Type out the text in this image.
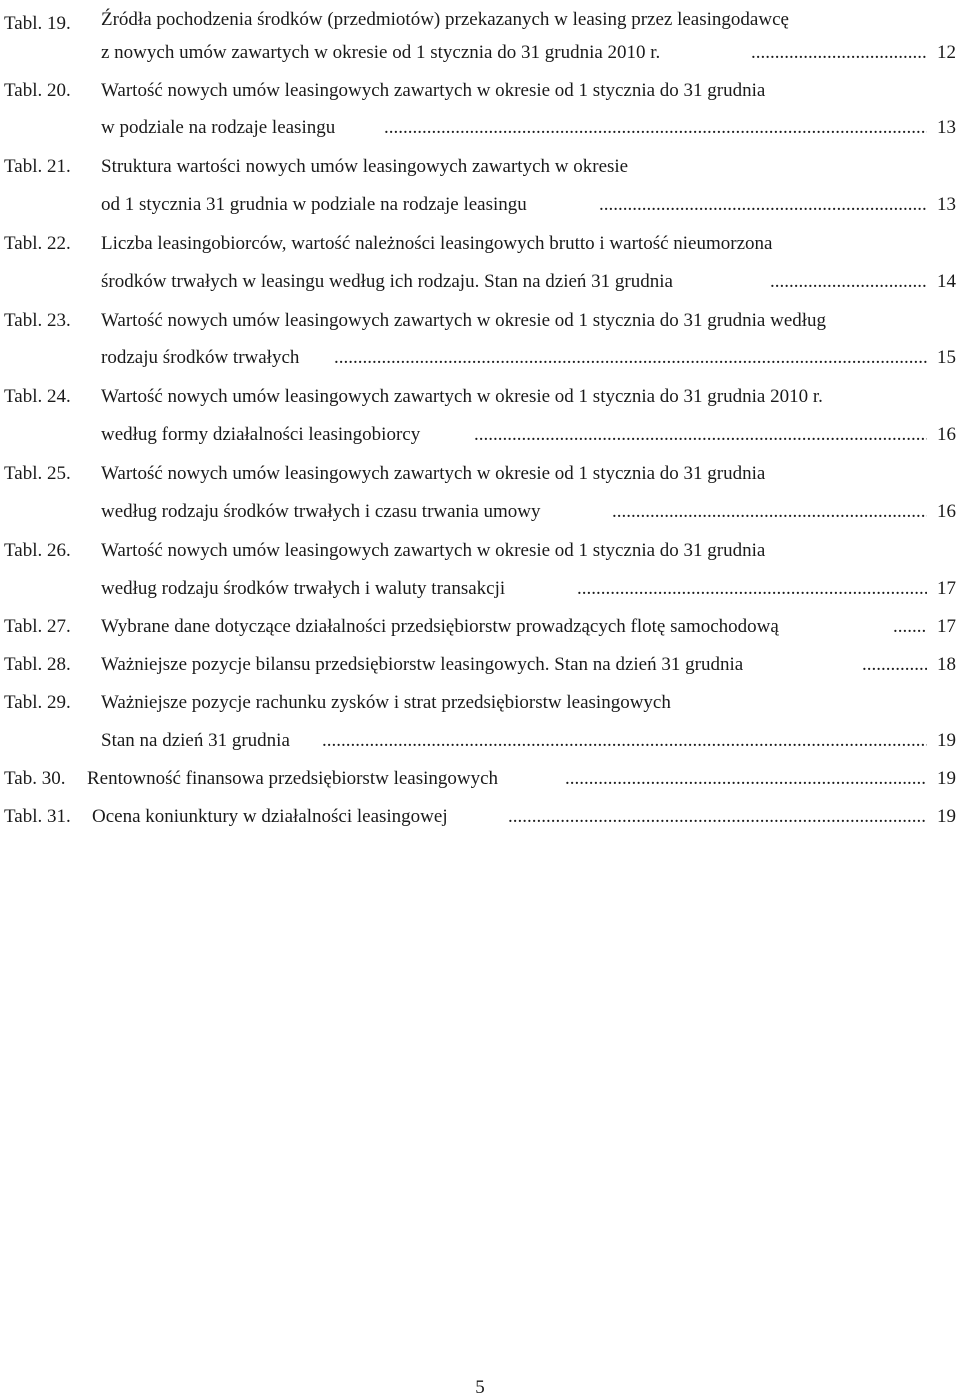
Tabl. 19. Źródła pochodzenia środków (przedmiotów) przekazanych w leasing przez leasingodawcę
z nowych umów zawartych w okresie od 1 stycznia do 31 grudnia 2010 r. .....	12
Tabl. 20. Wartość nowych umów leasingowych zawartych w okresie od 1 stycznia do 31 grudnia
w podziale na rodzaje leasingu .....	13
Tabl. 21. Struktura wartości nowych umów leasingowych zawartych w okresie
od 1 stycznia 31 grudnia w podziale na rodzaje leasingu .....	13
Tabl. 22. Liczba leasingobiorców, wartość należności leasingowych brutto i wartość nieumorzona
środków trwałych w leasingu według ich rodzaju. Stan na dzień 31 grudnia .....	14
Tabl. 23. Wartość nowych umów leasingowych zawartych w okresie od 1 stycznia do 31 grudnia według
rodzaju środków trwałych .....	15
Tabl. 24. Wartość nowych umów leasingowych zawartych w okresie od 1 stycznia do 31 grudnia 2010 r.
według formy działalności leasingobiorcy .....	16
Tabl. 25. Wartość nowych umów leasingowych zawartych w okresie od 1 stycznia do 31 grudnia
według rodzaju środków trwałych i czasu trwania umowy .....	16
Tabl. 26. Wartość nowych umów leasingowych zawartych w okresie od 1 stycznia do 31 grudnia
według rodzaju środków trwałych i waluty transakcji .....	17
Tabl. 27. Wybrane dane dotyczące działalności przedsiębiorstw prowadzących flotę samochodową .....	17
Tabl. 28. Ważniejsze pozycje bilansu przedsiębiorstw leasingowych. Stan na dzień 31 grudnia .....	18
Tabl. 29. Ważniejsze pozycje rachunku zysków i strat przedsiębiorstw leasingowych
Stan na dzień 31 grudnia .....	19
Tab. 30. Rentowność finansowa przedsiębiorstw leasingowych .....	19
Tabl. 31. Ocena koniunktury w działalności leasingowej .....	19
5
